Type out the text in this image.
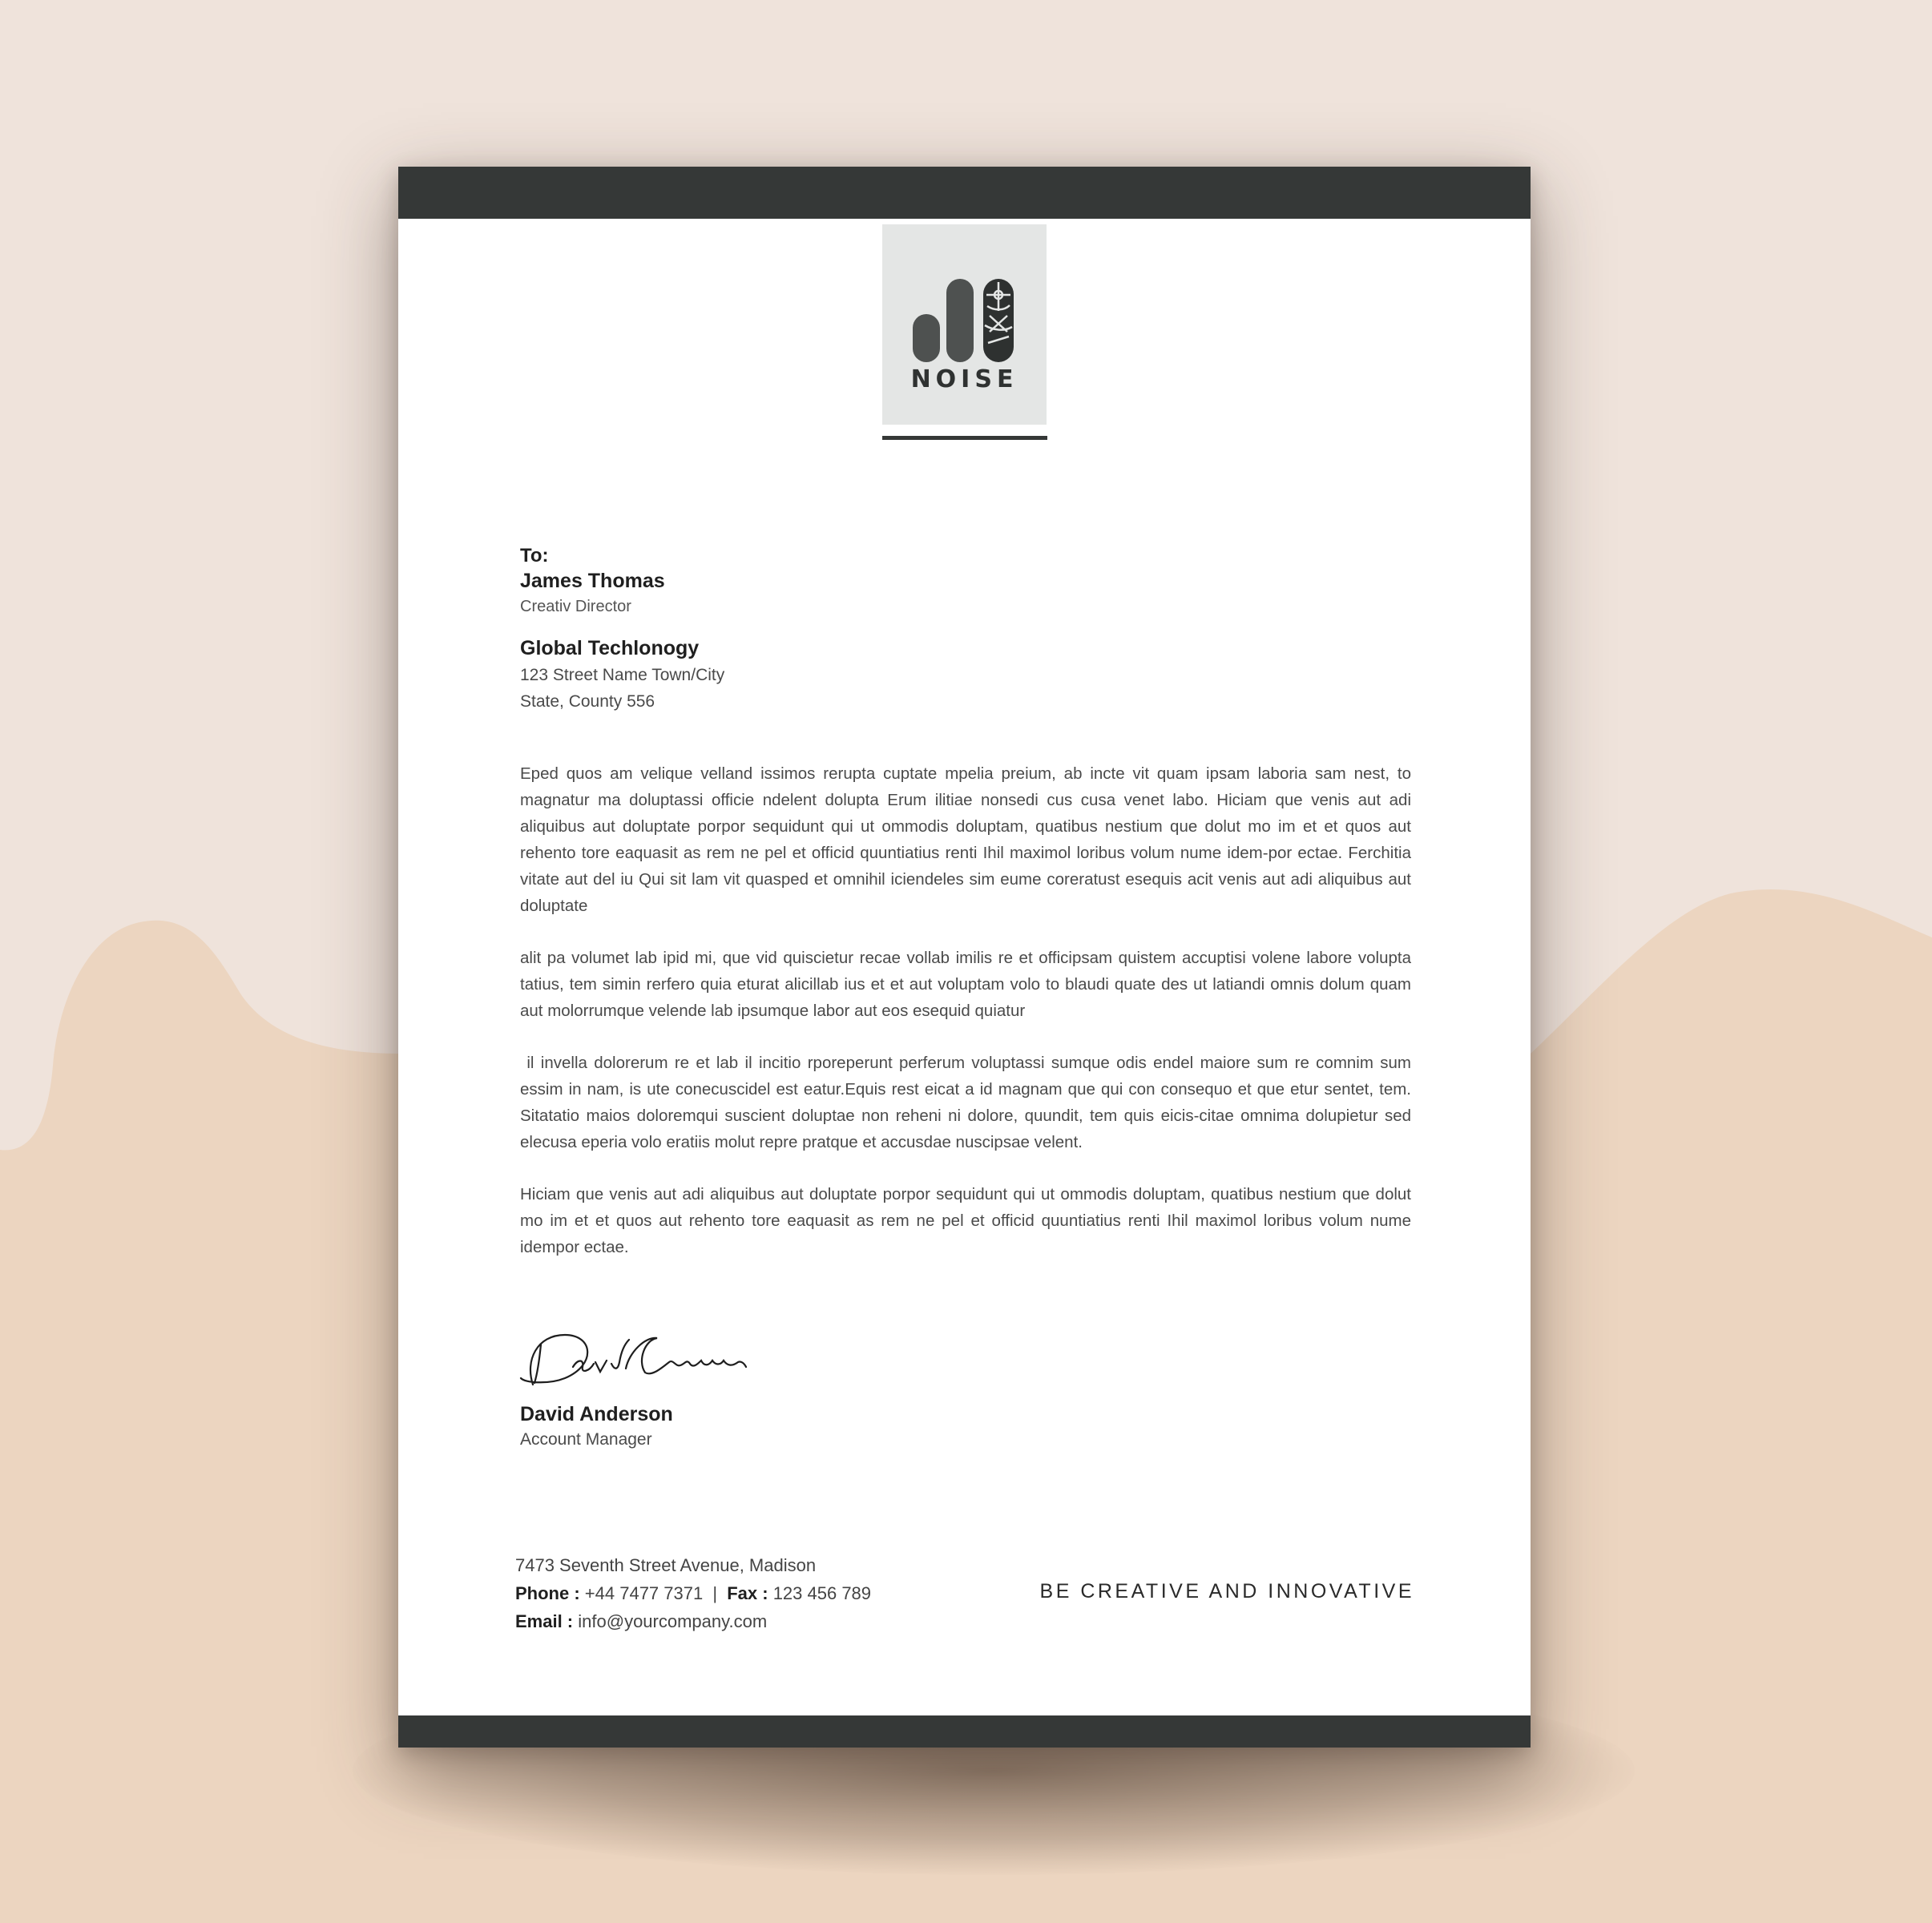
NOISE
To:
James Thomas
Creativ Director
Global Techlonogy
123 Street Name Town/City
State, County 556

Eped quos am velique velland issimos rerupta cuptate mpelia preium, ab incte vit quam ipsam laboria sam nest, to magnatur ma doluptassi officie ndelent dolupta Erum ilitiae nonsedi cus cusa venet labo. Hiciam que venis aut adi aliquibus aut doluptate porpor sequidunt qui ut ommodis doluptam, quatibus nestium que dolut mo im et et quos aut rehento tore eaquasit as rem ne pel et officid quuntiatius renti Ihil maximol loribus volum nume idem-por ectae. Ferchitia vitate aut del iu Qui sit lam vit quasped et omnihil iciendeles sim eume coreratust esequis acit venis aut adi aliquibus aut doluptate

alit pa volumet lab ipid mi, que vid quiscietur recae vollab imilis re et officipsam quistem accuptisi volene labore volupta tatius, tem simin rerfero quia eturat alicillab ius et et aut voluptam volo to blaudi quate des ut latiandi omnis dolum quam aut molorrumque velende lab ipsumque labor aut eos esequid quiatur

il invella dolorerum re et lab il incitio rporeperunt perferum voluptassi sumque odis endel maiore sum re comnim sum essim in nam, is ute conecuscidel est eatur.Equis rest eicat a id magnam que qui con consequo et que etur sentet, tem. Sitatatio maios doloremqui suscient doluptae non reheni ni dolore, quundit, tem quis eicis-citae omnima dolupietur sed elecusa eperia volo eratiis molut repre pratque et accusdae nuscipsae velent.

Hiciam que venis aut adi aliquibus aut doluptate porpor sequidunt qui ut ommodis doluptam, quatibus nestium que dolut mo im et et quos aut rehento tore eaquasit as rem ne pel et officid quuntiatius renti Ihil maximol loribus volum nume idempor ectae.

David Anderson
Account Manager
7473 Seventh Street Avenue, Madison
Phone : +44 7477 7371 | Fax : 123 456 789
Email : info@yourcompany.com
BE CREATIVE AND INNOVATIVE
